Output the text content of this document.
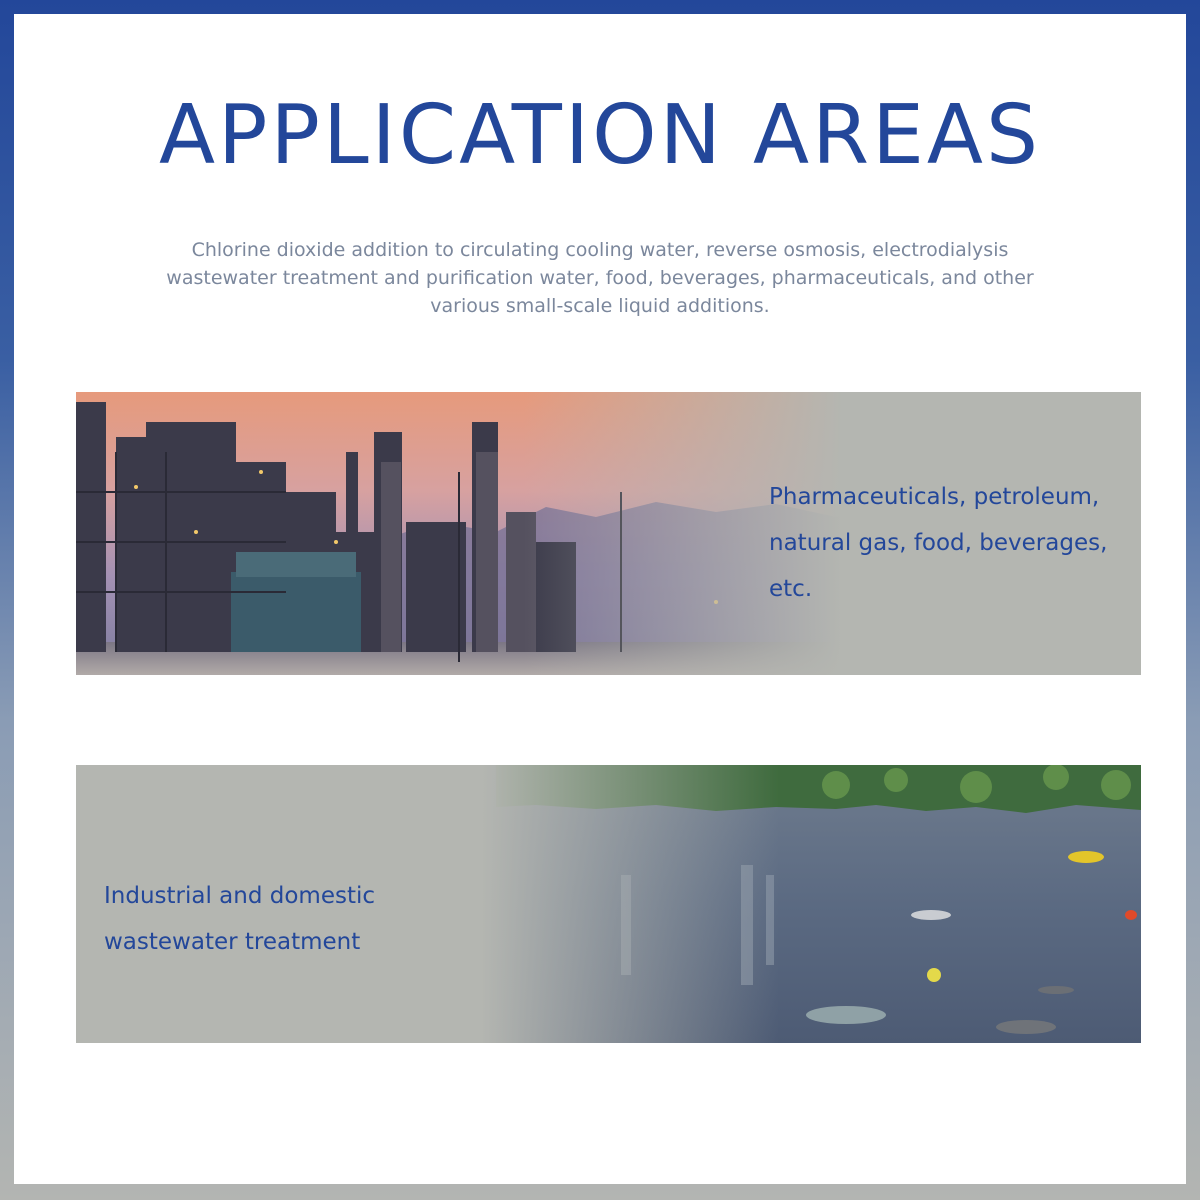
APPLICATION AREAS
Chlorine dioxide addition to circulating cooling water, reverse osmosis, electrodialysis wastewater treatment and purification water, food, beverages, pharmaceuticals, and other various small-scale liquid additions.
Pharmaceuticals, petroleum,
natural gas, food, beverages,
etc.
Industrial and domestic
wastewater treatment
